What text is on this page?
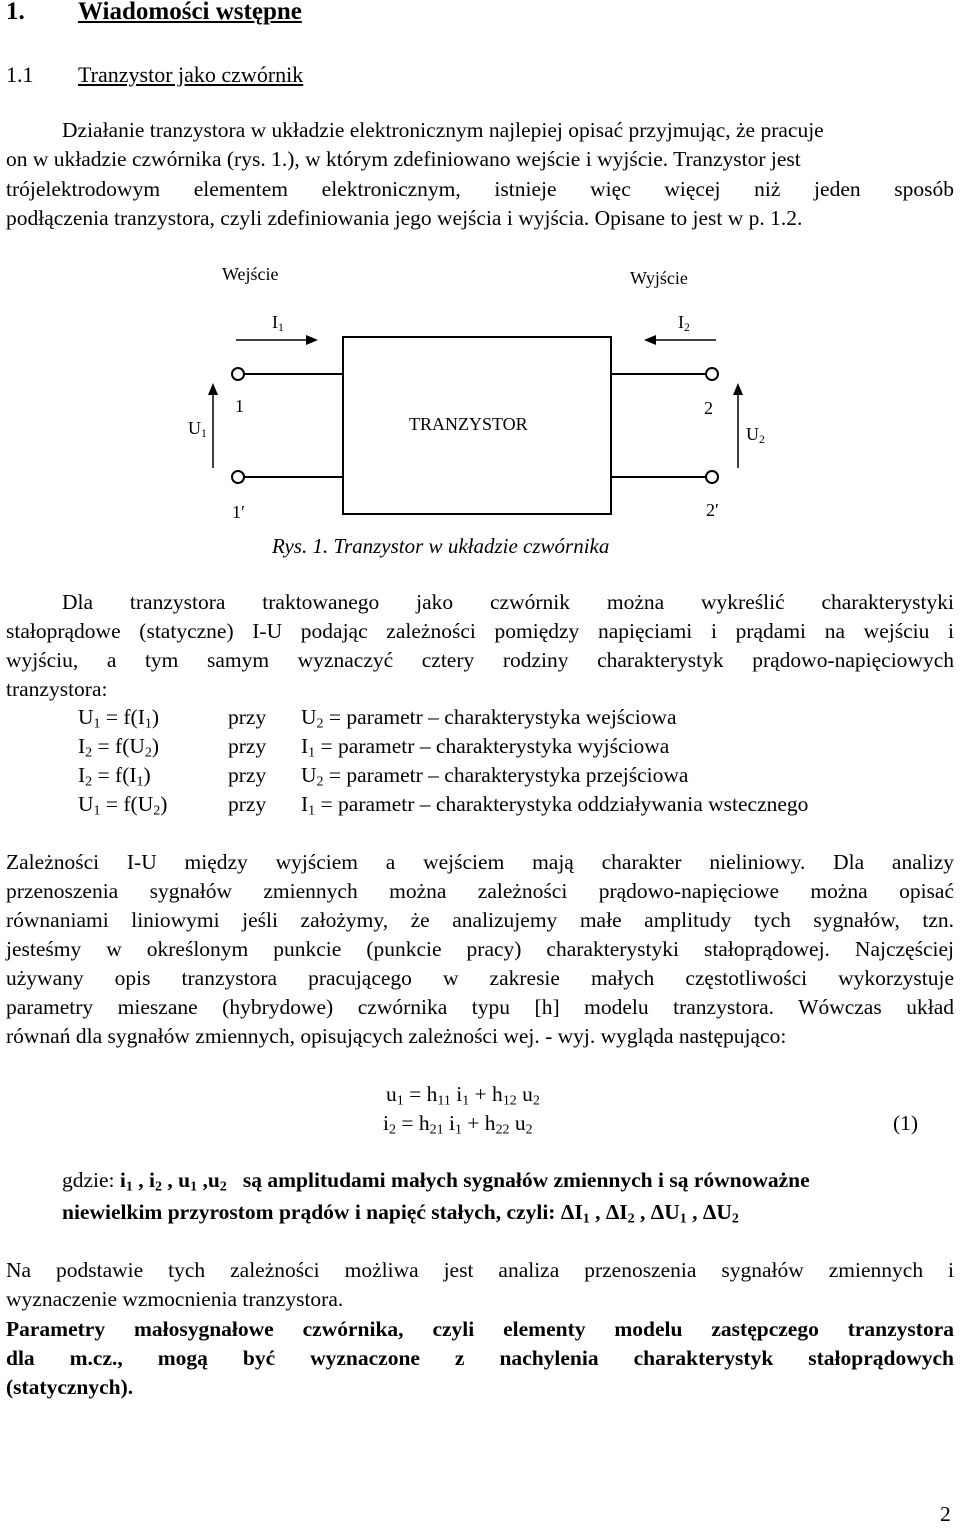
1. Wiadomości wstępne
1.1 Tranzystor jako czwórnik
Działanie tranzystora w układzie elektronicznym najlepiej opisać przyjmując, że pracuje
on w układzie czwórnika (rys. 1.), w którym zdefiniowano wejście i wyjście. Tranzystor jest
trójelektrodowym elementem elektronicznym, istnieje więc więcej niż jeden sposób
podłączenia tranzystora, czyli zdefiniowania jego wejścia i wyjścia. Opisane to jest w p. 1.2.
Wejście	Wyjście
$I_1$	$I_2$
$U_1$	$U_2$
1	2
1′	2′
TRANZYSTOR
Rys. 1. Tranzystor w układzie czwórnika
Dla tranzystora traktowanego jako czwórnik można wykreślić charakterystyki
stałoprądowe (statyczne) I-U podając zależności pomiędzy napięciami i prądami na wejściu i
wyjściu, a tym samym wyznaczyć cztery rodziny charakterystyk prądowo-napięciowych
tranzystora:
$U_1 = f(I_1)$	przy $U_2$ = parametr – charakterystyka wejściowa
$I_2 = f(U_2)$	przy $I_1$ = parametr – charakterystyka wyjściowa
$I_2 = f(I_1)$	przy $U_2$ = parametr – charakterystyka przejściowa
$U_1 = f(U_2)$	przy $I_1$ = parametr – charakterystyka oddziaływania wstecznego
Zależności I-U między wyjściem a wejściem mają charakter nieliniowy. Dla analizy
przenoszenia sygnałów zmiennych można zależności prądowo-napięciowe można opisać
równaniami liniowymi jeśli założymy, że analizujemy małe amplitudy tych sygnałów, tzn.
jesteśmy w określonym punkcie (punkcie pracy) charakterystyki stałoprądowej. Najczęściej
używany opis tranzystora pracującego w zakresie małych częstotliwości wykorzystuje
parametry mieszane (hybrydowe) czwórnika typu [h] modelu tranzystora. Wówczas układ
równań dla sygnałów zmiennych, opisujących zależności wej. - wyj. wygląda następująco:
$u_1 = h_{11}$ $i_1 + h_{12}$ $u_2$
$i_2 = h_{21}$ $i_1 + h_{22}$ $u_2$	(1)
gdzie: $i_1$ , $i_2$ , $u_1$ $,u_2$ są amplitudami małych sygnałów zmiennych i są równoważne
niewielkim przyrostom prądów i napięć stałych, czyli: $\Delta I_1$ , $\Delta I_2$ , $\Delta U_1$ , $\Delta U_2$
Na podstawie tych zależności możliwa jest analiza przenoszenia sygnałów zmiennych i
wyznaczenie wzmocnienia tranzystora.
Parametry małosygnałowe czwórnika, czyli elementy modelu zastępczego tranzystora
dla m.cz., mogą być wyznaczone z nachylenia charakterystyk stałoprądowych
(statycznych).
2
